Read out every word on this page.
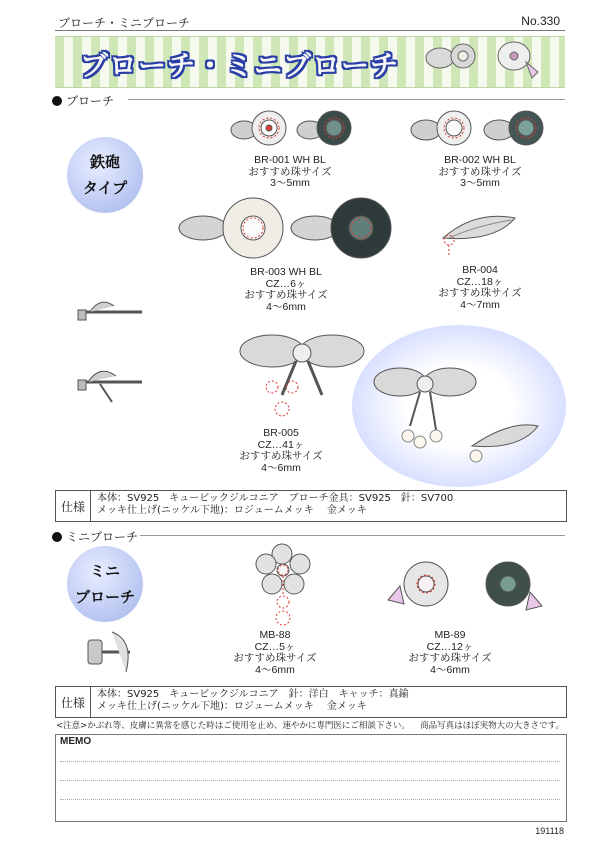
ブローチ・ミニブローチ	No.330
ブローチ・ミニブローチ
ブローチ
鉄砲
タイプ
BR-001 WH BL
おすすめ珠サイズ
3～5mm
BR-002 WH BL
おすすめ珠サイズ
3～5mm
BR-003 WH BL
CZ…6ヶ
おすすめ珠サイズ
4～6mm
BR-004
CZ…18ヶ
おすすめ珠サイズ
4～7mm
BR-005
CZ…41ヶ
おすすめ珠サイズ
4～6mm
仕様
本体：SV925　キュービックジルコニア　ブローチ金具：SV925　針：SV700
メッキ仕上げ(ニッケル下地)：ロジュームメッキ　 金メッキ
ミニブローチ
ミニ
ブローチ
MB-88
CZ…5ヶ
おすすめ珠サイズ
4～6mm
MB-89
CZ…12ヶ
おすすめ珠サイズ
4～6mm
仕様
本体：SV925　キュービックジルコニア　針：洋白　キャッチ：真鍮
メッキ仕上げ(ニッケル下地)：ロジュームメッキ　 金メッキ
<注意>かぶれ等、皮膚に異常を感じた時はご使用を止め、速やかに専門医にご相談下さい。 商品写真はほぼ実物大の大きさです。
MEMO
191118
